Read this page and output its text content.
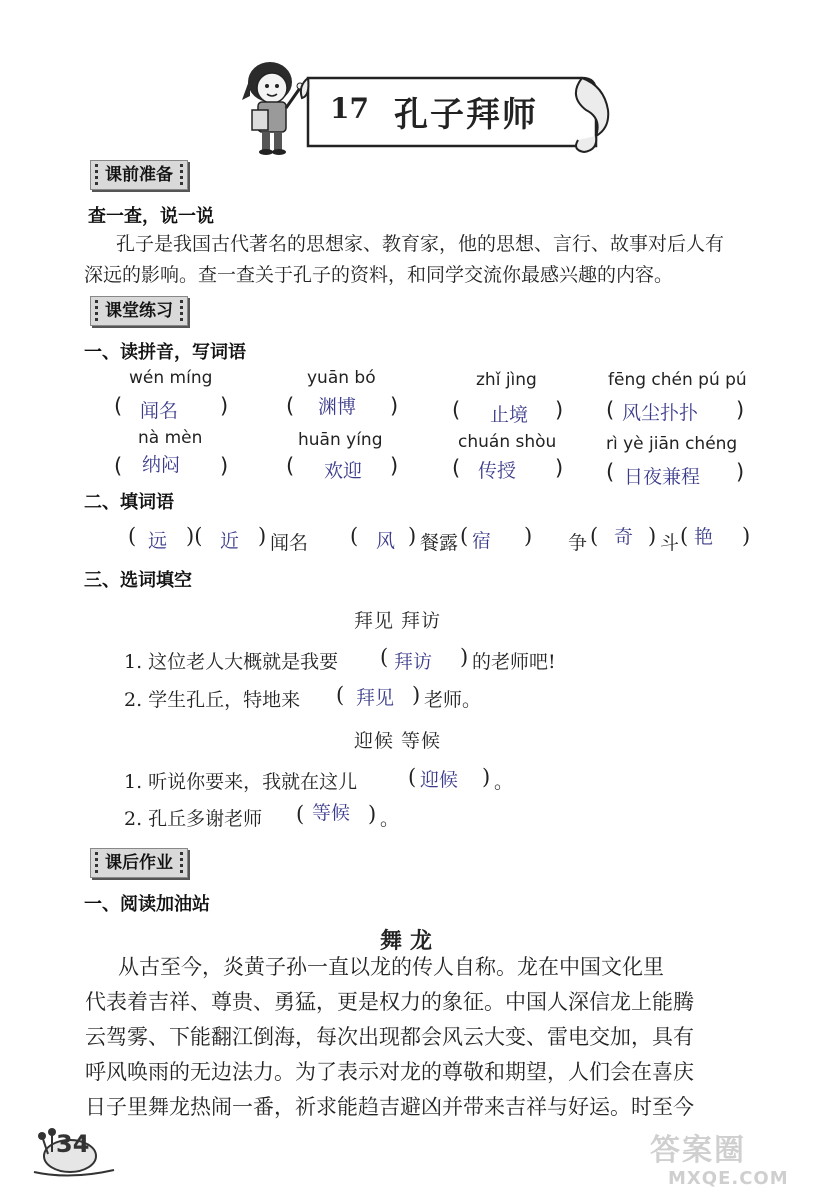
17 孔子拜师
课前准备
查一查，说一说
孔子是我国古代著名的思想家、教育家，他的思想、言行、故事对后人有
深远的影响。查一查关于孔子的资料，和同学交流你最感兴趣的内容。
课堂练习
一、读拼音，写词语
wén míng
( 闻名 )
yuān bó
( 渊博 )
zhǐ jìng
( 止境 )
fēng chén pú pú
( 风尘扑扑 )
nà mèn
( 纳闷 )
huān yíng
( 欢迎 )
chuán shòu
( 传授 )
rì yè jiān chéng
( 日夜兼程 )
二、填词语
( 远 )( 近 ) 闻名 ( 风 ) 餐露 ( 宿 ) 争 ( 奇 ) 斗 ( 艳 )
三、选词填空
拜见 拜访
1. 这位老人大概就是我要 ( 拜访 ) 的老师吧!
2. 学生孔丘，特地来 ( 拜见 ) 老师。
迎候 等候
1. 听说你要来，我就在这儿 ( 迎候 ) 。
2. 孔丘多谢老师 ( 等候 ) 。
课后作业
一、阅读加油站
舞龙
从古至今，炎黄子孙一直以龙的传人自称。龙在中国文化里
代表着吉祥、尊贵、勇猛，更是权力的象征。中国人深信龙上能腾
云驾雾、下能翻江倒海，每次出现都会风云大变、雷电交加，具有
呼风唤雨的无边法力。为了表示对龙的尊敬和期望，人们会在喜庆
日子里舞龙热闹一番，祈求能趋吉避凶并带来吉祥与好运。时至今
34	答案圈
MXQE.COM
